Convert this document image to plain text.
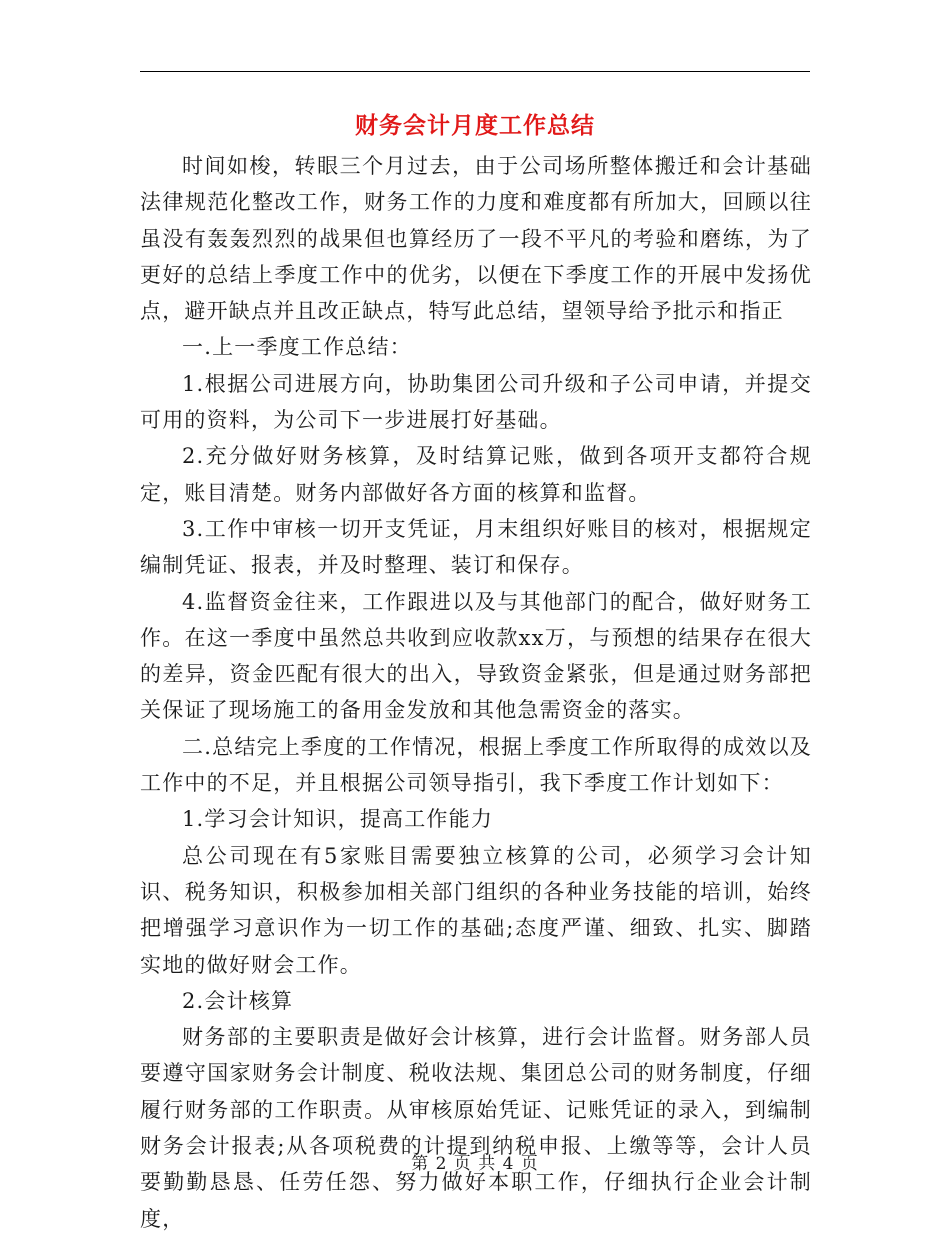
财务会计月度工作总结

时间如梭，转眼三个月过去，由于公司场所整体搬迁和会计基础法律规范化整改工作，财务工作的力度和难度都有所加大，回顾以往虽没有轰轰烈烈的战果但也算经历了一段不平凡的考验和磨练，为了更好的总结上季度工作中的优劣，以便在下季度工作的开展中发扬优点，避开缺点并且改正缺点，特写此总结，望领导给予批示和指正

一.上一季度工作总结：

1.根据公司进展方向，协助集团公司升级和子公司申请，并提交可用的资料，为公司下一步进展打好基础。

2.充分做好财务核算，及时结算记账，做到各项开支都符合规定，账目清楚。财务内部做好各方面的核算和监督。

3.工作中审核一切开支凭证，月末组织好账目的核对，根据规定编制凭证、报表，并及时整理、装订和保存。

4.监督资金往来，工作跟进以及与其他部门的配合，做好财务工作。在这一季度中虽然总共收到应收款xx万，与预想的结果存在很大的差异，资金匹配有很大的出入，导致资金紧张，但是通过财务部把关保证了现场施工的备用金发放和其他急需资金的落实。

二.总结完上季度的工作情况，根据上季度工作所取得的成效以及工作中的不足，并且根据公司领导指引，我下季度工作计划如下：

1.学习会计知识，提高工作能力

总公司现在有5家账目需要独立核算的公司，必须学习会计知识、税务知识，积极参加相关部门组织的各种业务技能的培训，始终把增强学习意识作为一切工作的基础;态度严谨、细致、扎实、脚踏实地的做好财会工作。

2.会计核算

财务部的主要职责是做好会计核算，进行会计监督。财务部人员要遵守国家财务会计制度、税收法规、集团总公司的财务制度，仔细履行财务部的工作职责。从审核原始凭证、记账凭证的录入，到编制财务会计报表;从各项税费的计提到纳税申报、上缴等等，会计人员要勤勤恳恳、任劳任怨、努力做好本职工作，仔细执行企业会计制度，

第 2 页 共 4 页
